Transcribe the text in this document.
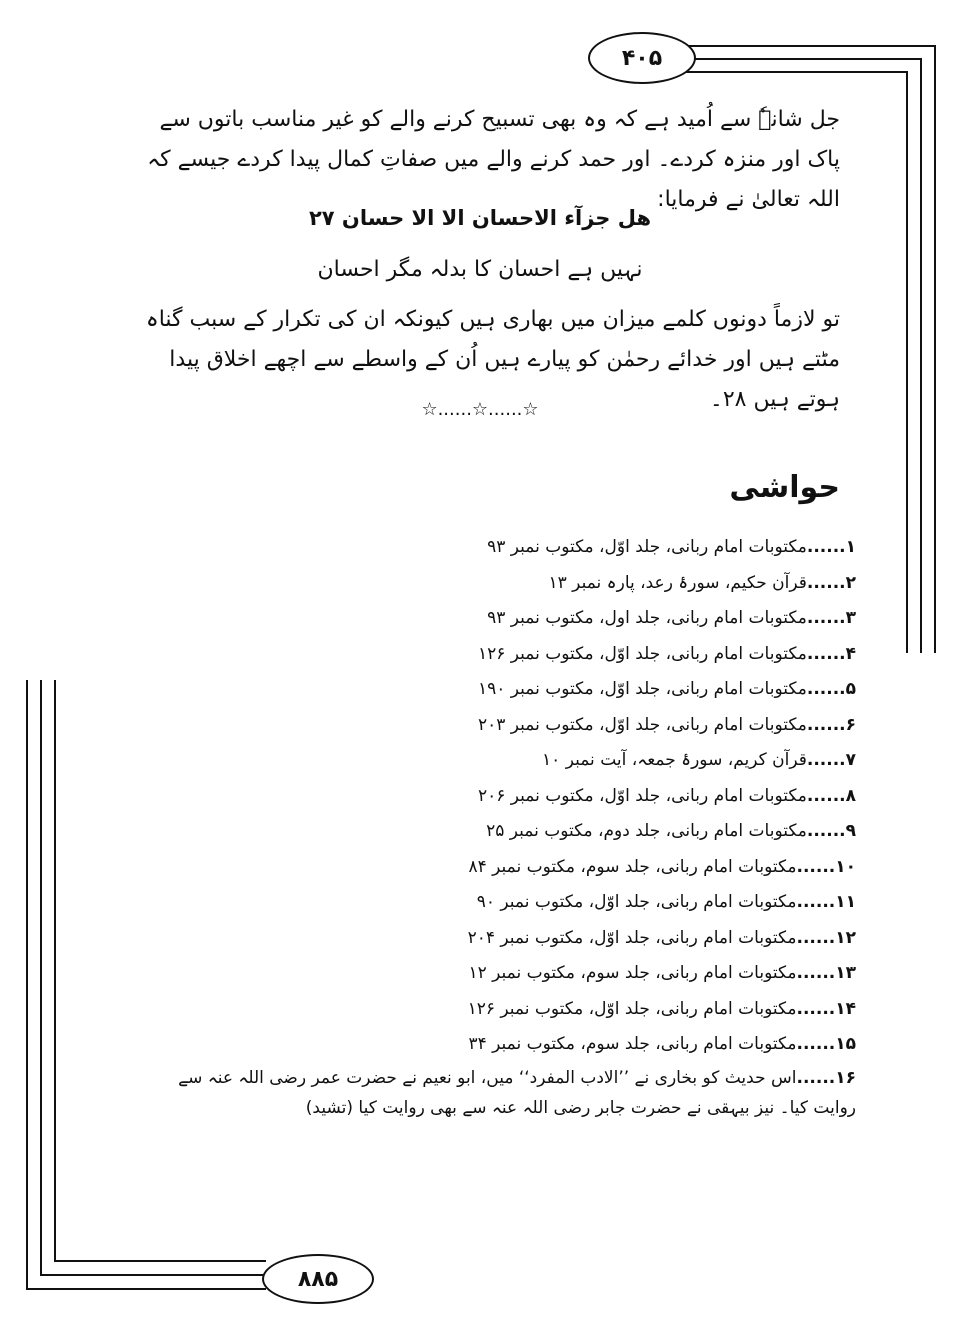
۴۰۵
۸۸۵
جل شانہٗ سے اُمید ہے کہ وہ بھی تسبیح کرنے والے کو غیر مناسب باتوں سے پاک اور منزہ کردے۔ اور حمد کرنے والے میں صفاتِ کمال پیدا کردے جیسے کہ اللہ تعالیٰ نے فرمایا:
هل جزآء الاحسان الا الا حسان ۲۷
نہیں ہے احسان کا بدلہ مگر احسان
تو لازماً دونوں کلمے میزان میں بھاری ہیں کیونکہ ان کی تکرار کے سبب گناہ مٹتے ہیں اور خدائے رحمٰن کو پیارے ہیں اُن کے واسطے سے اچھے اخلاق پیدا ہوتے ہیں ۲۸۔
☆......☆......☆
حواشی
۱......مکتوبات امام ربانی، جلد اوّل، مکتوب نمبر ۹۳
۲......قرآن حکیم، سورۂ رعد، پارہ نمبر ۱۳
۳......مکتوبات امام ربانی، جلد اول، مکتوب نمبر ۹۳
۴......مکتوبات امام ربانی، جلد اوّل، مکتوب نمبر ۱۲۶
۵......مکتوبات امام ربانی، جلد اوّل، مکتوب نمبر ۱۹۰
۶......مکتوبات امام ربانی، جلد اوّل، مکتوب نمبر ۲۰۳
۷......قرآن کریم، سورۂ جمعہ، آیت نمبر ۱۰
۸......مکتوبات امام ربانی، جلد اوّل، مکتوب نمبر ۲۰۶
۹......مکتوبات امام ربانی، جلد دوم، مکتوب نمبر ۲۵
۱۰......مکتوبات امام ربانی، جلد سوم، مکتوب نمبر ۸۴
۱۱......مکتوبات امام ربانی، جلد اوّل، مکتوب نمبر ۹۰
۱۲......مکتوبات امام ربانی، جلد اوّل، مکتوب نمبر ۲۰۴
۱۳......مکتوبات امام ربانی، جلد سوم، مکتوب نمبر ۱۲
۱۴......مکتوبات امام ربانی، جلد اوّل، مکتوب نمبر ۱۲۶
۱۵......مکتوبات امام ربانی، جلد سوم، مکتوب نمبر ۳۴
۱۶......اس حدیث کو بخاری نے ’’الادب المفرد‘‘ میں، ابو نعیم نے حضرت عمر رضی اللہ عنہ سے روایت کیا۔ نیز بیہقی نے حضرت جابر رضی اللہ عنہ سے بھی روایت کیا (تشید)
